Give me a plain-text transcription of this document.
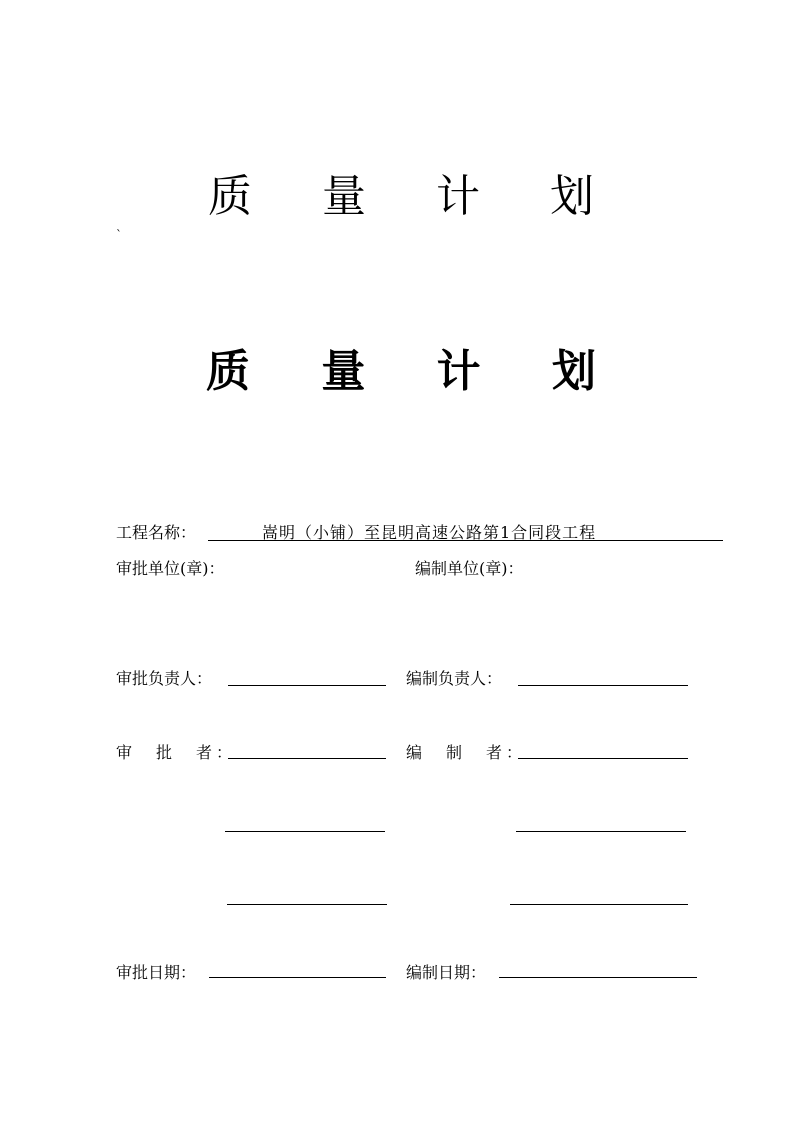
质 量 计 划
`
质 量 计 划
工程名称：	嵩明（小铺）至昆明高速公路第1合同段工程
审批单位(章)：	编制单位(章)：
审批负责人：	编制负责人：
审　批　者：	编　制　者：
审批日期：	编制日期：
